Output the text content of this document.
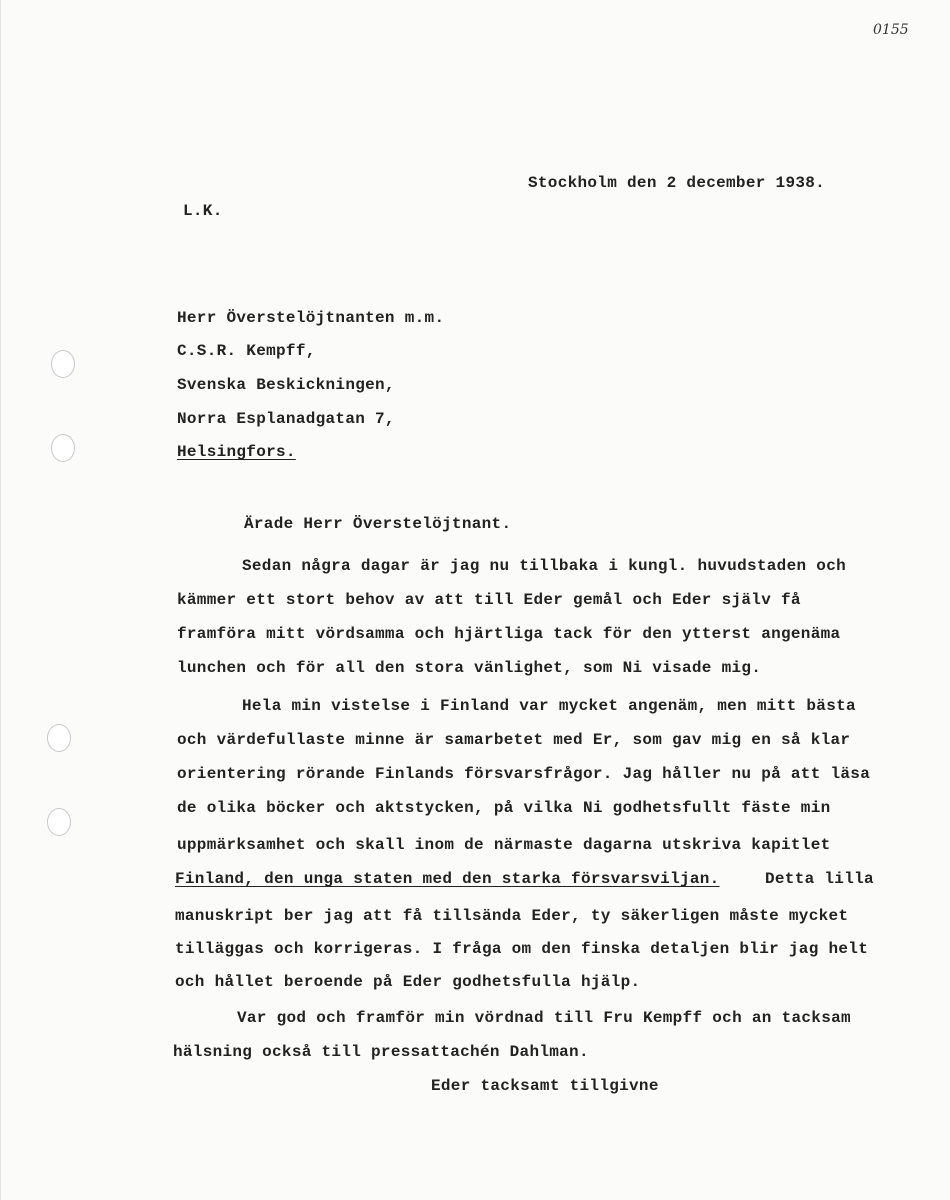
0155
Stockholm den 2 december 1938.
L.K.
Herr Överstelöjtnanten m.m.
C.S.R. Kempff,
Svenska Beskickningen,
Norra Esplanadgatan 7,
Helsingfors.
Ärade Herr Överstelöjtnant.
Sedan några dagar är jag nu tillbaka i kungl. huvudstaden och
kämmer ett stort behov av att till Eder gemål och Eder själv få
framföra mitt vördsamma och hjärtliga tack för den ytterst angenäma
lunchen och för all den stora vänlighet, som Ni visade mig.
Hela min vistelse i Finland var mycket angenäm, men mitt bästa
och värdefullaste minne är samarbetet med Er, som gav mig en så klar
orientering rörande Finlands försvarsfrågor. Jag håller nu på att läsa
de olika böcker och aktstycken, på vilka Ni godhetsfullt fäste min
uppmärksamhet och skall inom de närmaste dagarna utskriva kapitlet
Finland, den unga staten med den starka försvarsviljan.	Detta lilla
manuskript ber jag att få tillsända Eder, ty säkerligen måste mycket
tilläggas och korrigeras. I fråga om den finska detaljen blir jag helt
och hållet beroende på Eder godhetsfulla hjälp.
Var god och framför min vördnad till Fru Kempff och an tacksam
hälsning också till pressattachén Dahlman.
Eder tacksamt tillgivne
